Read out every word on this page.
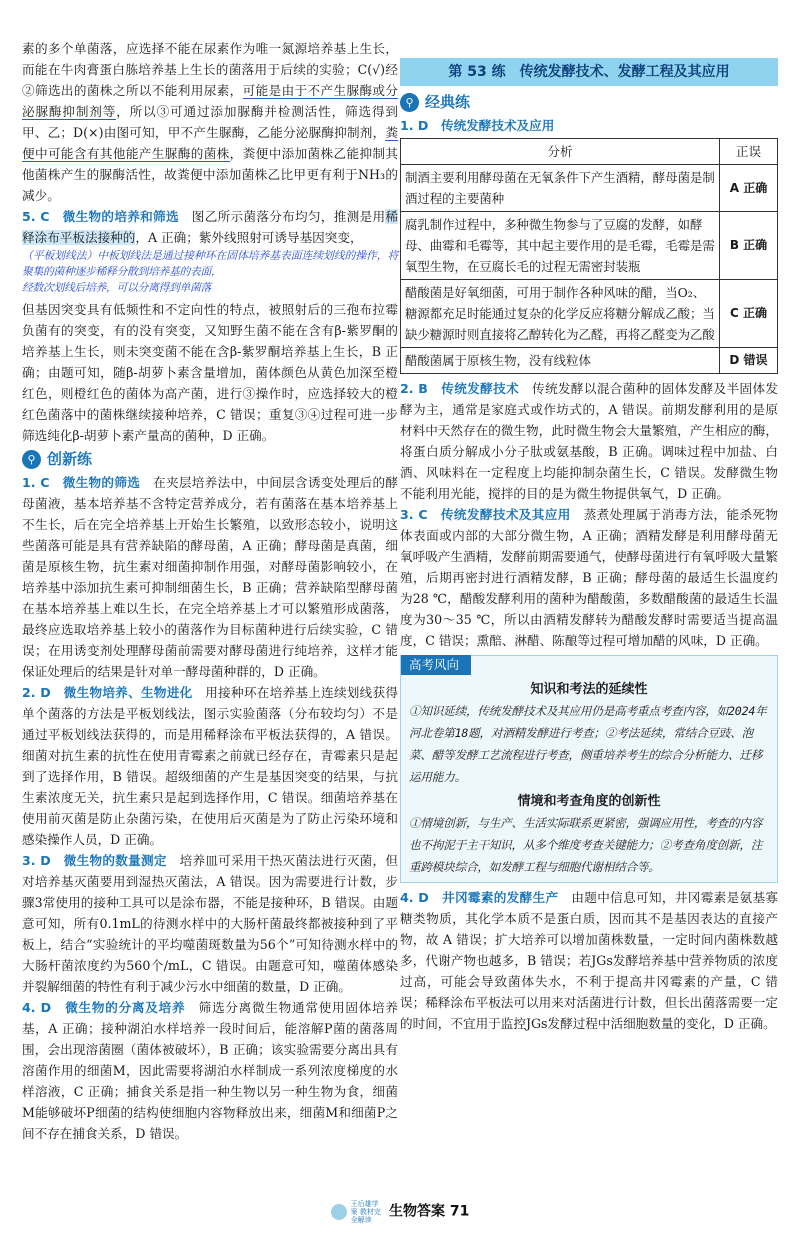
素的多个单菌落，应选择不能在尿素作为唯一氮源培养基上生长，而能在牛肉膏蛋白胨培养基上生长的菌落用于后续的实验；C(√)经②筛选出的菌株之所以不能利用尿素，可能是由于不产生脲酶或分泌脲酶抑制剂等，所以③可通过添加脲酶并检测活性，筛选得到甲、乙；D(×)由图可知，甲不产生脲酶，乙能分泌脲酶抑制剂，粪便中可能含有其他能产生脲酶的菌株，粪便中添加菌株乙能抑制其他菌株产生的脲酶活性，故粪便中添加菌株乙比甲更有利于NH₃的减少。

5. C　微生物的培养和筛选　图乙所示菌落分布均匀，推测是用稀释涂布平板法接种的，A 正确；紫外线照射可诱导基因突变，

（平板划线法）中板划线法是通过接种环在固体培养基表面连续划线的操作，将聚集的菌种逐步稀释分散到培养基的表面，

经数次划线后培养，可以分离得到单菌落

但基因突变具有低频性和不定向性的特点，被照射后的三孢布拉霉负菌有的突变，有的没有突变，又知野生菌不能在含有β-紫罗酮的培养基上生长，则未突变菌不能在含β-紫罗酮培养基上生长，B 正确；由题可知，随β-胡萝卜素含量增加，菌体颜色从黄色加深至橙红色，则橙红色的菌体为高产菌，进行③操作时，应选择较大的橙红色菌落中的菌株继续接种培养，C 错误；重复③④过程可进一步筛选纯化β-胡萝卜素产量高的菌种，D 正确。

⚲ 创新练

1. C　微生物的筛选　在夹层培养法中，中间层含诱变处理后的酵母菌液，基本培养基不含特定营养成分，若有菌落在基本培养基上不生长，后在完全培养基上开始生长繁殖，以致形态较小，说明这些菌落可能是具有营养缺陷的酵母菌，A 正确；酵母菌是真菌，细菌是原核生物，抗生素对细菌抑制作用强，对酵母菌影响较小，在培养基中添加抗生素可抑制细菌生长，B 正确；营养缺陷型酵母菌在基本培养基上难以生长，在完全培养基上才可以繁殖形成菌落，最终应选取培养基上较小的菌落作为目标菌种进行后续实验，C 错误；在用诱变剂处理酵母菌前需要对酵母菌进行纯培养，这样才能保证处理后的结果是针对单一酵母菌种群的，D 正确。

2. D　微生物培养、生物进化　用接种环在培养基上连续划线获得单个菌落的方法是平板划线法，图示实验菌落（分布较均匀）不是通过平板划线法获得的，而是用稀释涂布平板法获得的，A 错误。细菌对抗生素的抗性在使用青霉素之前就已经存在，青霉素只是起到了选择作用，B 错误。超级细菌的产生是基因突变的结果，与抗生素浓度无关，抗生素只是起到选择作用，C 错误。细菌培养基在使用前灭菌是防止杂菌污染，在使用后灭菌是为了防止污染环境和感染操作人员，D 正确。

3. D　微生物的数量测定　培养皿可采用干热灭菌法进行灭菌，但对培养基灭菌要用到湿热灭菌法，A 错误。因为需要进行计数，步骤3常使用的接种工具可以是涂布器，不能是接种环，B 错误。由题意可知，所有0.1mL的待测水样中的大肠杆菌最终都被接种到了平板上，结合“实验统计的平均噬菌斑数量为56个”可知待测水样中的大肠杆菌浓度约为560个/mL，C 错误。由题意可知，噬菌体感染并裂解细菌的特性有利于减少污水中细菌的数量，D 正确。

4. D　微生物的分离及培养　筛选分离微生物通常使用固体培养基，A 正确；接种湖泊水样培养一段时间后，能溶解P菌的菌落周围，会出现溶菌圈（菌体被破坏），B 正确；该实验需要分离出具有溶菌作用的细菌M，因此需要将湖泊水样制成一系列浓度梯度的水样溶液，C 正确；捕食关系是指一种生物以另一种生物为食，细菌M能够破坏P细菌的结构使细胞内容物释放出来，细菌M和细菌P之间不存在捕食关系，D 错误。

第 53 练　传统发酵技术、发酵工程及其应用
⚲ 经典练

1. D　传统发酵技术及应用

分析	正误
制酒主要利用酵母菌在无氧条件下产生酒精，酵母菌是制酒过程的主要菌种	A 正确
腐乳制作过程中，多种微生物参与了豆腐的发酵，如酵母、曲霉和毛霉等，其中起主要作用的是毛霉，毛霉是需氧型生物，在豆腐长毛的过程无需密封装瓶	B 正确
醋酸菌是好氧细菌，可用于制作各种风味的醋，当O₂、糖源都充足时能通过复杂的化学反应将糖分解成乙酸；当缺少糖源时则直接将乙醇转化为乙醛，再将乙醛变为乙酸	C 正确
醋酸菌属于原核生物，没有线粒体	D 错误

2. B　传统发酵技术　传统发酵以混合菌种的固体发酵及半固体发酵为主，通常是家庭式或作坊式的，A 错误。前期发酵利用的是原材料中天然存在的微生物，此时微生物会大量繁殖，产生相应的酶，将蛋白质分解成小分子肽或氨基酸，B 正确。调味过程中加盐、白酒、风味料在一定程度上均能抑制杂菌生长，C 错误。发酵微生物不能利用光能，搅拌的目的是为微生物提供氧气，D 正确。

3. C　传统发酵技术及其应用　蒸煮处理属于消毒方法，能杀死物体表面或内部的大部分微生物，A 正确；酒精发酵是利用酵母菌无氧呼吸产生酒精，发酵前期需要通气，使酵母菌进行有氧呼吸大量繁殖，后期再密封进行酒精发酵，B 正确；酵母菌的最适生长温度约为28 ℃，醋酸发酵利用的菌种为醋酸菌，多数醋酸菌的最适生长温度为30～35 ℃，所以由酒精发酵转为醋酸发酵时需要适当提高温度，C 错误；熏醅、淋醋、陈酿等过程可增加醋的风味，D 正确。

高考风向
知识和考法的延续性
①知识延续，传统发酵技术及其应用仍是高考重点考查内容，如2024年河北卷第18题，对酒精发酵进行考查；②考法延续，常结合豆豉、泡菜、醋等发酵工艺流程进行考查，侧重培养考生的综合分析能力、迁移运用能力。
情境和考查角度的创新性
①情境创新，与生产、生活实际联系更紧密，强调应用性，考查的内容也不拘泥于主干知识，从多个维度考查关键能力；②考查角度创新，注重跨模块综合，如发酵工程与细胞代谢相结合等。

4. D　井冈霉素的发酵生产　由题中信息可知，井冈霉素是氨基寡糖类物质，其化学本质不是蛋白质，因而其不是基因表达的直接产物，故 A 错误；扩大培养可以增加菌株数量，一定时间内菌株数越多，代谢产物也越多，B 错误；若JGs发酵培养基中营养物质的浓度过高，可能会导致菌体失水，不利于提高井冈霉素的产量，C 错误；稀释涂布平板法可以用来对活菌进行计数，但长出菌落需要一定的时间，不宜用于监控JGs发酵过程中活细胞数量的变化，D 正确。

王后雄学案 教材完全解读 生物答案 71
